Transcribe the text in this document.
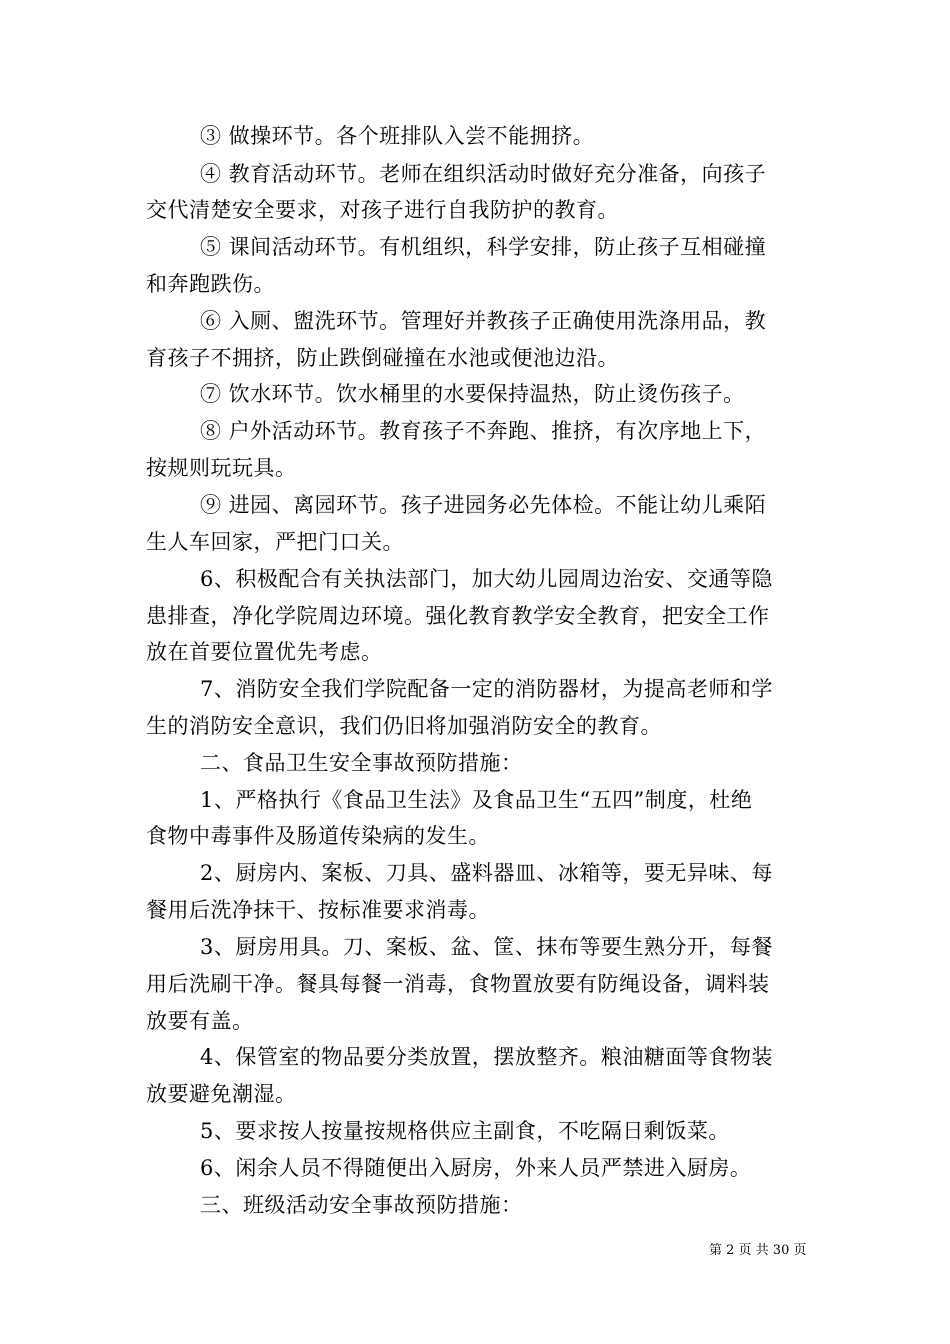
③ 做操环节。各个班排队入尝不能拥挤。
④ 教育活动环节。老师在组织活动时做好充分准备，向孩子
交代清楚安全要求，对孩子进行自我防护的教育。
⑤ 课间活动环节。有机组织，科学安排，防止孩子互相碰撞
和奔跑跌伤。
⑥ 入厕、盥洗环节。管理好并教孩子正确使用洗涤用品，教
育孩子不拥挤，防止跌倒碰撞在水池或便池边沿。
⑦ 饮水环节。饮水桶里的水要保持温热，防止烫伤孩子。
⑧ 户外活动环节。教育孩子不奔跑、推挤，有次序地上下，
按规则玩玩具。
⑨ 进园、离园环节。孩子进园务必先体检。不能让幼儿乘陌
生人车回家，严把门口关。
6、积极配合有关执法部门，加大幼儿园周边治安、交通等隐
患排查，净化学院周边环境。强化教育教学安全教育，把安全工作
放在首要位置优先考虑。
7、消防安全我们学院配备一定的消防器材，为提高老师和学
生的消防安全意识，我们仍旧将加强消防安全的教育。
二、食品卫生安全事故预防措施：
1、严格执行《食品卫生法》及食品卫生“五四”制度，杜绝
食物中毒事件及肠道传染病的发生。
2、厨房内、案板、刀具、盛料器皿、冰箱等，要无异味、每
餐用后洗净抹干、按标准要求消毒。
3、厨房用具。刀、案板、盆、筐、抹布等要生熟分开，每餐
用后洗刷干净。餐具每餐一消毒，食物置放要有防绳设备，调料装
放要有盖。
4、保管室的物品要分类放置，摆放整齐。粮油糖面等食物装
放要避免潮湿。
5、要求按人按量按规格供应主副食，不吃隔日剩饭菜。
6、闲余人员不得随便出入厨房，外来人员严禁进入厨房。
三、班级活动安全事故预防措施：
第 2 页 共 30 页
